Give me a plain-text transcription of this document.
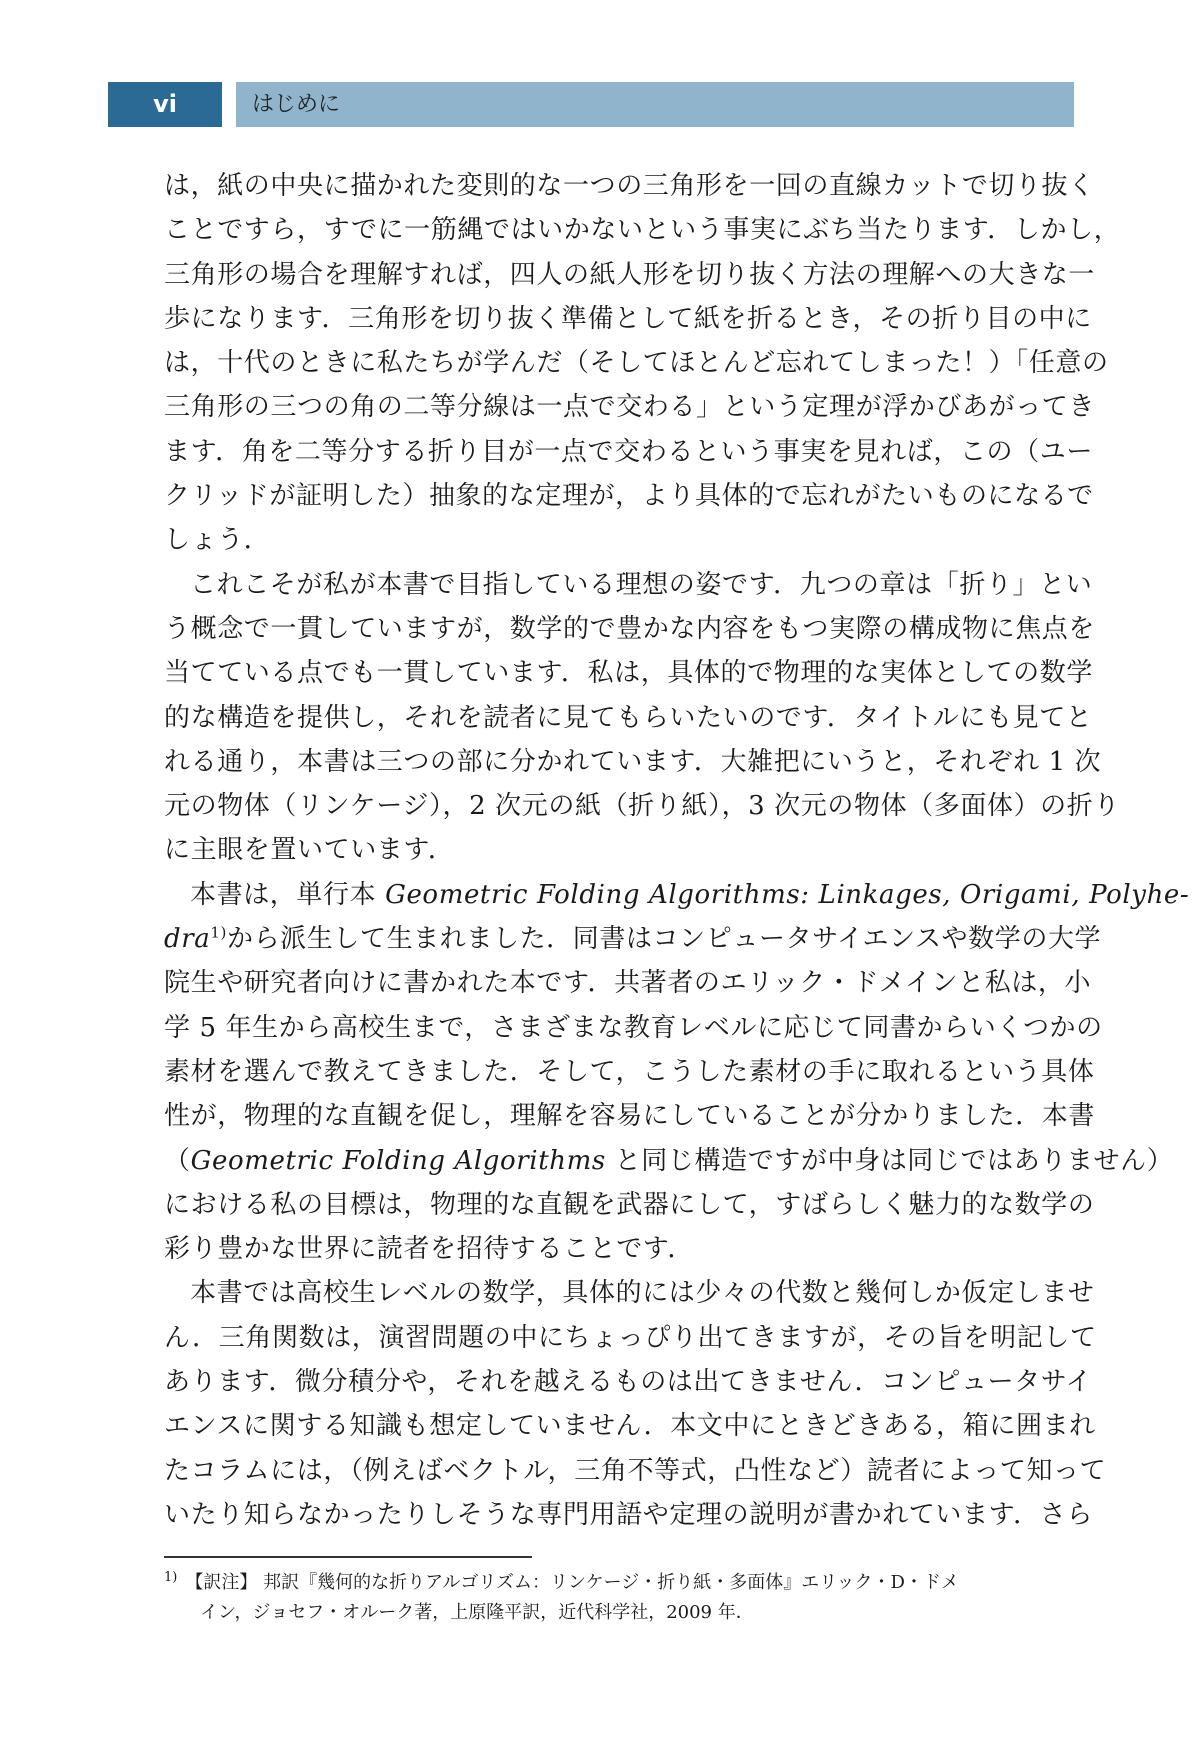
vi	はじめに
は，紙の中央に描かれた変則的な一つの三角形を一回の直線カットで切り抜く
ことですら，すでに一筋縄ではいかないという事実にぶち当たります．しかし，
三角形の場合を理解すれば，四人の紙人形を切り抜く方法の理解への大きな一
歩になります．三角形を切り抜く準備として紙を折るとき，その折り目の中に
は，十代のときに私たちが学んだ（そしてほとんど忘れてしまった！）「任意の
三角形の三つの角の二等分線は一点で交わる」という定理が浮かびあがってき
ます．角を二等分する折り目が一点で交わるという事実を見れば，この（ユー
クリッドが証明した）抽象的な定理が，より具体的で忘れがたいものになるで
しょう．
これこそが私が本書で目指している理想の姿です．九つの章は「折り」とい
う概念で一貫していますが，数学的で豊かな内容をもつ実際の構成物に焦点を
当てている点でも一貫しています．私は，具体的で物理的な実体としての数学
的な構造を提供し，それを読者に見てもらいたいのです．タイトルにも見てと
れる通り，本書は三つの部に分かれています．大雑把にいうと，それぞれ 1 次
元の物体（リンケージ），2 次元の紙（折り紙），3 次元の物体（多面体）の折り
に主眼を置いています．
本書は，単行本 Geometric Folding Algorithms: Linkages, Origami, Polyhe-
dra$^{1)}$から派生して生まれました．同書はコンピュータサイエンスや数学の大学
院生や研究者向けに書かれた本です．共著者のエリック・ドメインと私は，小
学 5 年生から高校生まで，さまざまな教育レベルに応じて同書からいくつかの
素材を選んで教えてきました．そして，こうした素材の手に取れるという具体
性が，物理的な直観を促し，理解を容易にしていることが分かりました．本書
（Geometric Folding Algorithms と同じ構造ですが中身は同じではありません）
における私の目標は，物理的な直観を武器にして，すばらしく魅力的な数学の
彩り豊かな世界に読者を招待することです．
本書では高校生レベルの数学，具体的には少々の代数と幾何しか仮定しませ
ん．三角関数は，演習問題の中にちょっぴり出てきますが，その旨を明記して
あります．微分積分や，それを越えるものは出てきません．コンピュータサイ
エンスに関する知識も想定していません．本文中にときどきある，箱に囲まれ
たコラムには，（例えばベクトル，三角不等式，凸性など）読者によって知って
いたり知らなかったりしそうな専門用語や定理の説明が書かれています．さら
$^{1)}$ 【訳注】 邦訳『幾何的な折りアルゴリズム：リンケージ・折り紙・多面体』エリック・D・ドメ
イン，ジョセフ・オルーク著，上原隆平訳，近代科学社，2009 年．
